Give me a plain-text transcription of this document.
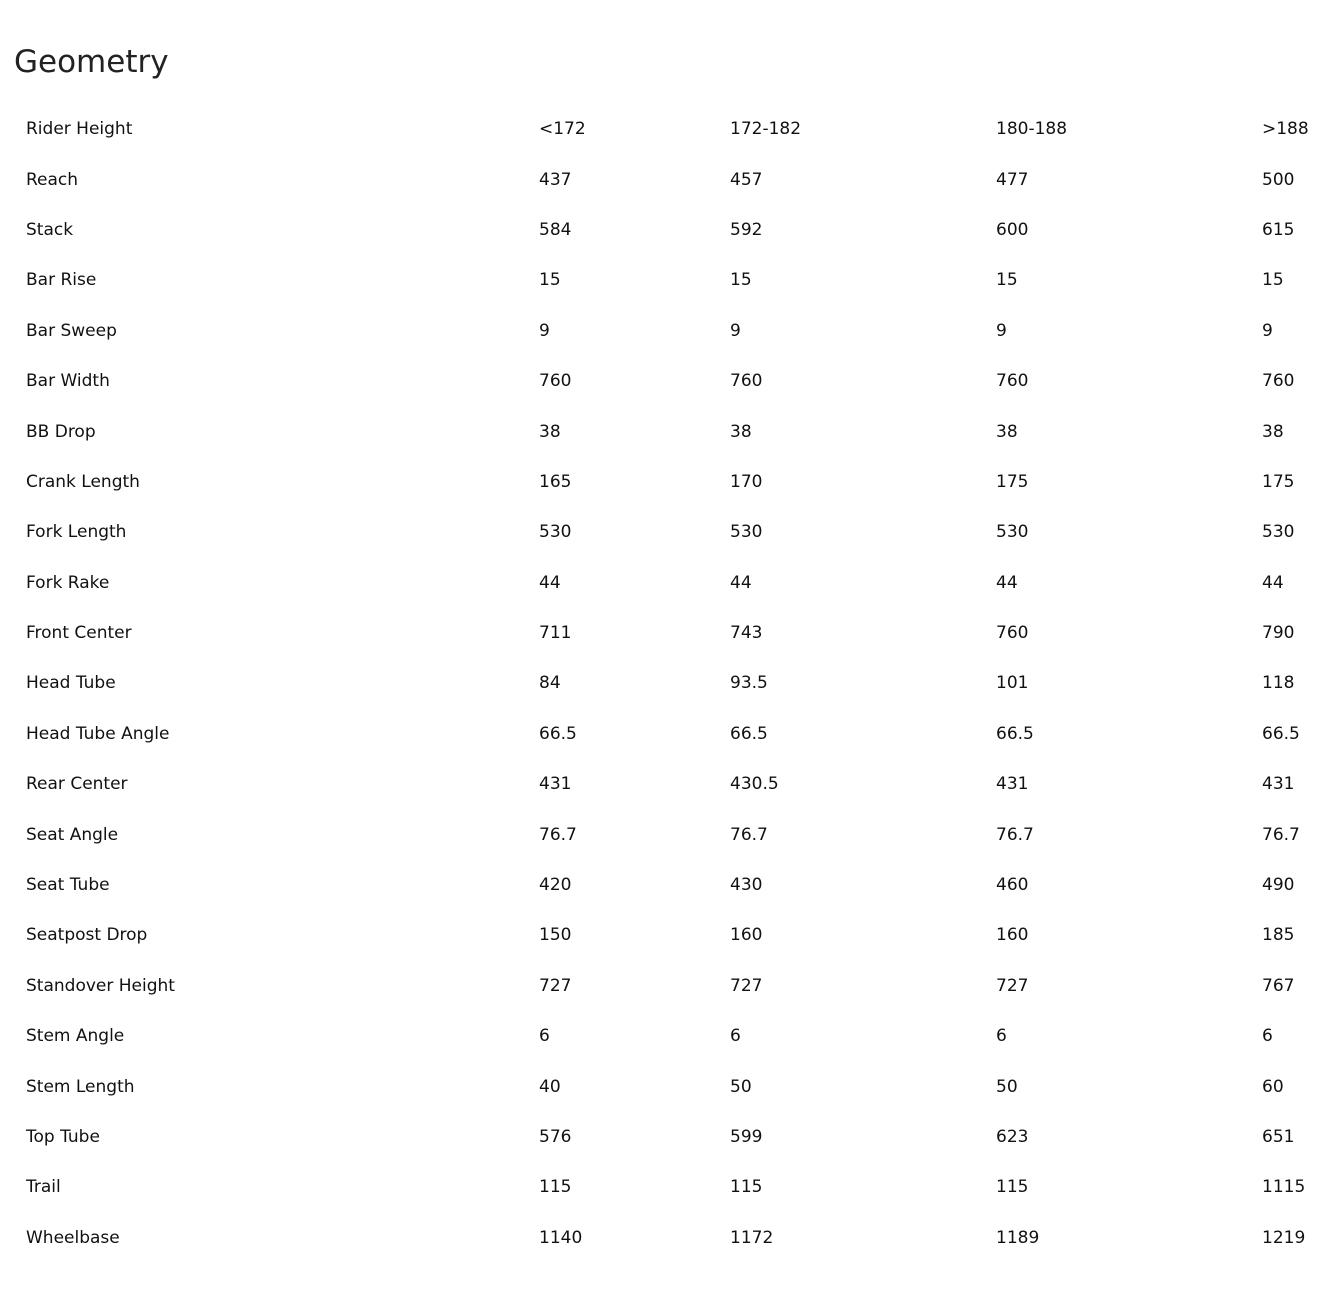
Geometry
Rider Height	<172	172-182	180-188	>188
Reach	437	457	477	500
Stack	584	592	600	615
Bar Rise	15	15	15	15
Bar Sweep	9	9	9	9
Bar Width	760	760	760	760
BB Drop	38	38	38	38
Crank Length	165	170	175	175
Fork Length	530	530	530	530
Fork Rake	44	44	44	44
Front Center	711	743	760	790
Head Tube	84	93.5	101	118
Head Tube Angle	66.5	66.5	66.5	66.5
Rear Center	431	430.5	431	431
Seat Angle	76.7	76.7	76.7	76.7
Seat Tube	420	430	460	490
Seatpost Drop	150	160	160	185
Standover Height	727	727	727	767
Stem Angle	6	6	6	6
Stem Length	40	50	50	60
Top Tube	576	599	623	651
Trail	115	115	115	1115
Wheelbase	1140	1172	1189	1219
